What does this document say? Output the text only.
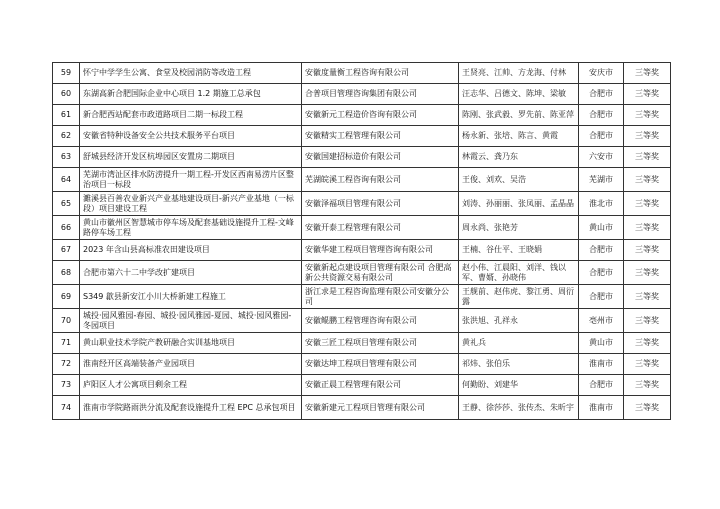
59	怀宁中学学生公寓、食堂及校园消防等改造工程	安徽度量衡工程咨询有限公司	王贤亮、江帅、方龙海、付林	安庆市	三等奖
60	东湖高新合肥国际企业中心项目 1.2 期施工总承包	合普项目管理咨询集团有限公司	汪志华、吕德文、陈坤、梁敏	合肥市	三等奖
61	新合肥西站配套市政道路项目二期一标段工程	安徽新元工程造价咨询有限公司	陈刚、张武毅、罗先前、陈亚萍	合肥市	三等奖
62	安徽省特种设备安全公共技术服务平台项目	安徽精实工程管理有限公司	杨永新、张培、陈言、黄霞	合肥市	三等奖
63	舒城县经济开发区杭埠园区安置房二期项目	安徽国建招标造价有限公司	林霞云、龚乃东	六安市	三等奖
64	芜湖市湾沚区排水防涝提升一期工程-开发区西南易涝片区整治项目一标段	芜湖皖溪工程咨询有限公司	王俊、刘欢、吴浩	芜湖市	三等奖
65	濉溪县百善农业新兴产业基地建设项目-新兴产业基地（一标段）项目建设工程	安徽泽福项目管理有限公司	刘涛、孙丽丽、张凤丽、孟晶晶	淮北市	三等奖
66	黄山市徽州区智慧城市停车场及配套基础设施提升工程-文峰路停车场工程	安徽开泰工程管理有限公司	周永尚、张艳芳	黄山市	三等奖
67	2023 年含山县高标准农田建设项目	安徽华建工程项目管理咨询有限公司	王楠、谷仕平、王晓娟	合肥市	三等奖
68	合肥市第六十二中学改扩建项目	安徽新起点建设项目管理有限公司 合肥高新公共资源交易有限公司	赵小伟、江晨阳、刘洋、钱以军、曹婿、孙晓伟	合肥市	三等奖
69	S349 歙县新安江小川大桥新建工程施工	浙江求是工程咨询监理有限公司安徽分公司	王舰前、赵伟虎、黎江勇、周衍露	合肥市	三等奖
70	城投·园风雅园-春园、城投·园风雅园-夏园、城投·园风雅园-冬园项目	安徽鲲鹏工程管理咨询有限公司	张洪旭、孔祥永	亳州市	三等奖
71	黄山职业技术学院产教研融合实训基地项目	安徽三匠工程项目管理有限公司	黄礼兵	黄山市	三等奖
72	淮南经开区高端装备产业园项目	安徽达坤工程项目管理有限公司	祁炜、张伯乐	淮南市	三等奖
73	庐阳区人才公寓项目剩余工程	安徽正晨工程管理有限公司	何勤盼、刘建华	合肥市	三等奖
74	淮南市学院路雨洪分流及配套设施提升工程 EPC 总承包项目	安徽新建元工程项目管理有限公司	王静、徐莎莎、张传杰、朱昕宇	淮南市	三等奖
